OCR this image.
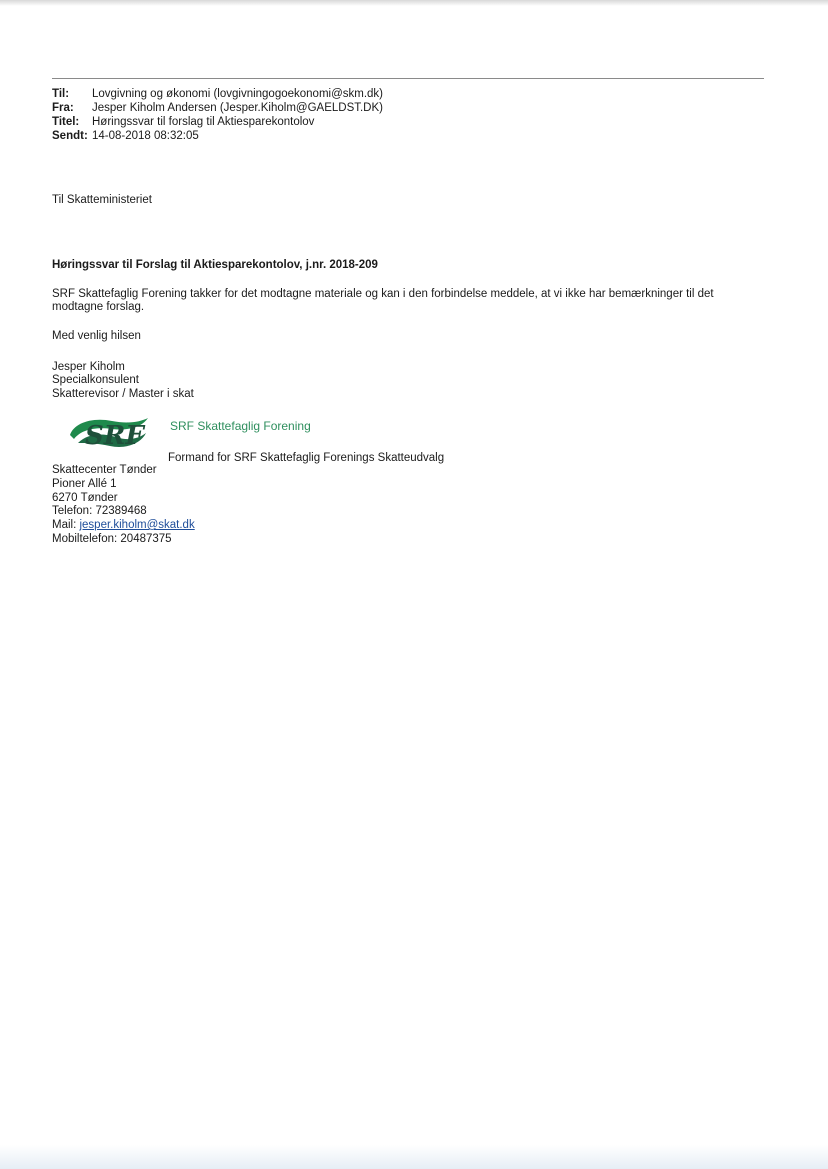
Til: Lovgivning og økonomi (lovgivningogoekonomi@skm.dk)
Fra: Jesper Kiholm Andersen (Jesper.Kiholm@GAELDST.DK)
Titel: Høringssvar til forslag til Aktiesparekontolov
Sendt: 14-08-2018 08:32:05
Til Skatteministeriet
Høringssvar til Forslag til Aktiesparekontolov, j.nr. 2018-209
SRF Skattefaglig Forening takker for det modtagne materiale og kan i den forbindelse meddele, at vi ikke har bemærkninger til det
modtagne forslag.
Med venlig hilsen
Jesper Kiholm
Specialkonsulent
Skatterevisor / Master i skat
SRF SRF Skattefaglig Forening
Formand for SRF Skattefaglig Forenings Skatteudvalg
Skattecenter Tønder
Pioner Allé 1
6270 Tønder
Telefon: 72389468
Mail: jesper.kiholm@skat.dk
Mobiltelefon: 20487375
